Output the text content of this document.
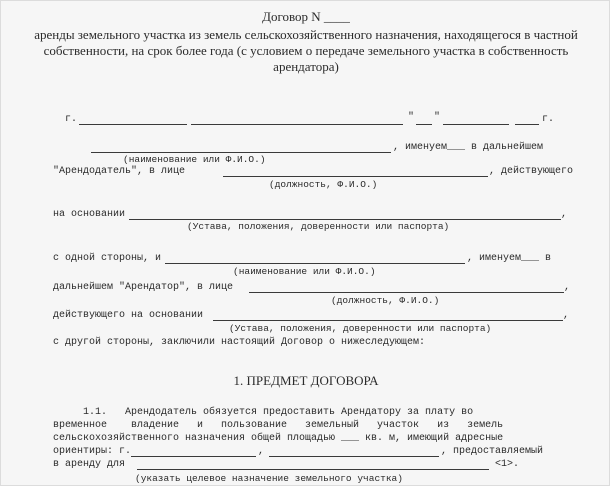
Договор N ____
аренды земельного участка из земель сельскохозяйственного назначения, находящегося в частной собственности, на срок более года (с условием о передаче земельного участка в собственность арендатора)
г.	" "	г.
, именуем___ в дальнейшем
(наименование или Ф.И.О.)
"Арендодатель", в лице	, действующего
(должность, Ф.И.О.)
на основании	,
(Устава, положения, доверенности или паспорта)
с одной стороны, и	, именуем___ в
(наименование или Ф.И.О.)
дальнейшем "Арендатор", в лице	,
(должность, Ф.И.О.)
действующего на основании	,
(Устава, положения, доверенности или паспорта)
с другой стороны, заключили настоящий Договор о нижеследующем:
1. ПРЕДМЕТ ДОГОВОРА
1.1.   Арендодатель обязуется предоставить Арендатору за плату во
временное    владение   и   пользование   земельный   участок   из   земель
сельскохозяйственного назначения общей площадью ___ кв. м, имеющий адресные
ориентиры: г.	,	, предоставляемый
в аренду для	<1>.
(указать целевое назначение земельного участка)
